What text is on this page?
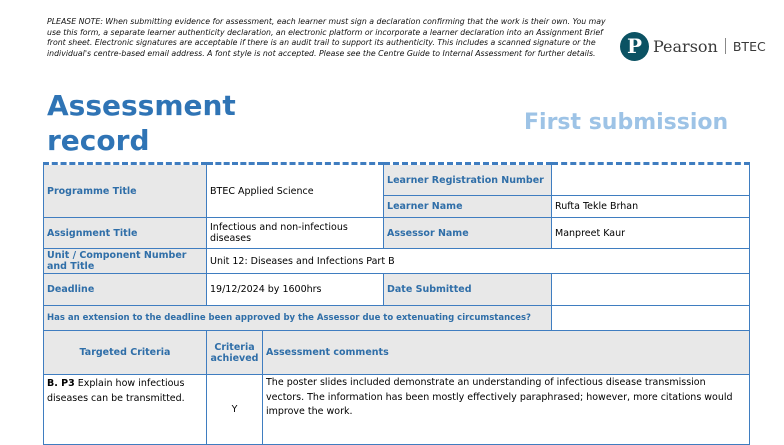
PLEASE NOTE: When submitting evidence for assessment, each learner must sign a declaration confirming that the work is their own. You may use this form, a separate learner authenticity declaration, an electronic platform or incorporate a learner declaration into an Assignment Brief front sheet. Electronic signatures are acceptable if there is an audit trail to support its authenticity. This includes a scanned signature or the individual's centre-based email address. A font style is not accepted. Please see the Centre Guide to Internal Assessment for further details.	P Pearson BTEC
Assessment
record
First submission
Programme Title	BTEC Applied Science		Learner Registration Number	
			Learner Name	Rufta Tekle Brhan
Assignment Title	Infectious and non-infectious diseases		Assessor Name	Manpreet Kaur
Unit / Component Number and Title	Unit 12: Diseases and Infections Part B			
Deadline	19/12/2024 by 1600hrs		Date Submitted	
Has an extension to the deadline been approved by the Assessor due to extenuating circumstances?				
Targeted Criteria	Criteria achieved	Assessment comments		
B. P3 Explain how infectious diseases can be transmitted.	Y	The poster slides included demonstrate an understanding of infectious disease transmission vectors. The information has been mostly effectively paraphrased; however, more citations would improve the work.		
